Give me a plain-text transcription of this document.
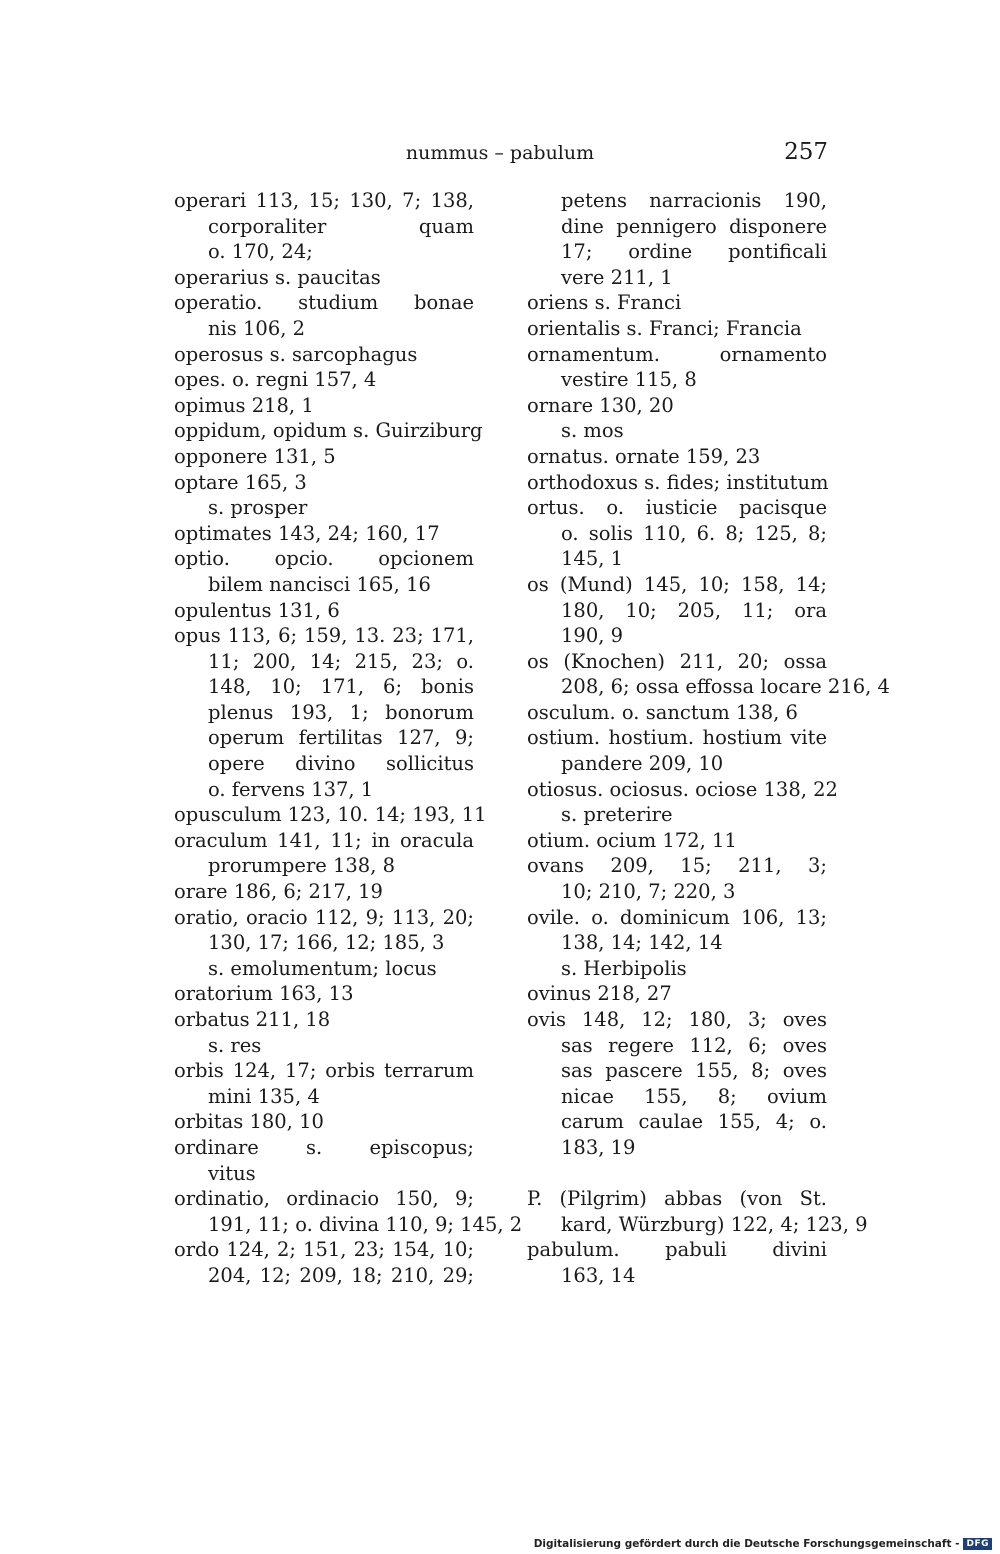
nummus – pabulum	257
operari 113, 15; 130, 7; 138,
corporaliter quam
o. 170, 24;
operarius s. paucitas
operatio. studium bonae
nis 106, 2
operosus s. sarcophagus
opes. o. regni 157, 4
opimus 218, 1
oppidum, opidum s. Guirziburg
opponere 131, 5
optare 165, 3
s. prosper
optimates 143, 24; 160, 17
optio. opcio. opcionem
bilem nancisci 165, 16
opulentus 131, 6
opus 113, 6; 159, 13. 23; 171,
11; 200, 14; 215, 23; o.
148, 10; 171, 6; bonis
plenus 193, 1; bonorum
operum fertilitas 127, 9;
opere divino sollicitus
o. fervens 137, 1
opusculum 123, 10. 14; 193, 11
oraculum 141, 11; in oracula
prorumpere 138, 8
orare 186, 6; 217, 19
oratio, oracio 112, 9; 113, 20;
130, 17; 166, 12; 185, 3
s. emolumentum; locus
oratorium 163, 13
orbatus 211, 18
s. res
orbis 124, 17; orbis terrarum
mini 135, 4
orbitas 180, 10
ordinare s. episcopus;
vitus
ordinatio, ordinacio 150, 9;
191, 11; o. divina 110, 9; 145, 2
ordo 124, 2; 151, 23; 154, 10;
204, 12; 209, 18; 210, 29;
petens narracionis 190,
dine pennigero disponere
17; ordine pontificali
vere 211, 1
oriens s. Franci
orientalis s. Franci; Francia
ornamentum. ornamento
vestire 115, 8
ornare 130, 20
s. mos
ornatus. ornate 159, 23
orthodoxus s. fides; institutum
ortus. o. iusticie pacisque
o. solis 110, 6. 8; 125, 8;
145, 1
os (Mund) 145, 10; 158, 14;
180, 10; 205, 11; ora
190, 9
os (Knochen) 211, 20; ossa
208, 6; ossa effossa locare 216, 4
osculum. o. sanctum 138, 6
ostium. hostium. hostium vite
pandere 209, 10
otiosus. ociosus. ociose 138, 22
s. preterire
otium. ocium 172, 11
ovans 209, 15; 211, 3;
10; 210, 7; 220, 3
ovile. o. dominicum 106, 13;
138, 14; 142, 14
s. Herbipolis
ovinus 218, 27
ovis 148, 12; 180, 3; oves
sas regere 112, 6; oves
sas pascere 155, 8; oves
nicae 155, 8; ovium
carum caulae 155, 4; o.
183, 19
P. (Pilgrim) abbas (von St.
kard, Würzburg) 122, 4; 123, 9
pabulum. pabuli divini
163, 14
Digitalisierung gefördert durch die Deutsche Forschungsgemeinschaft - DFG
